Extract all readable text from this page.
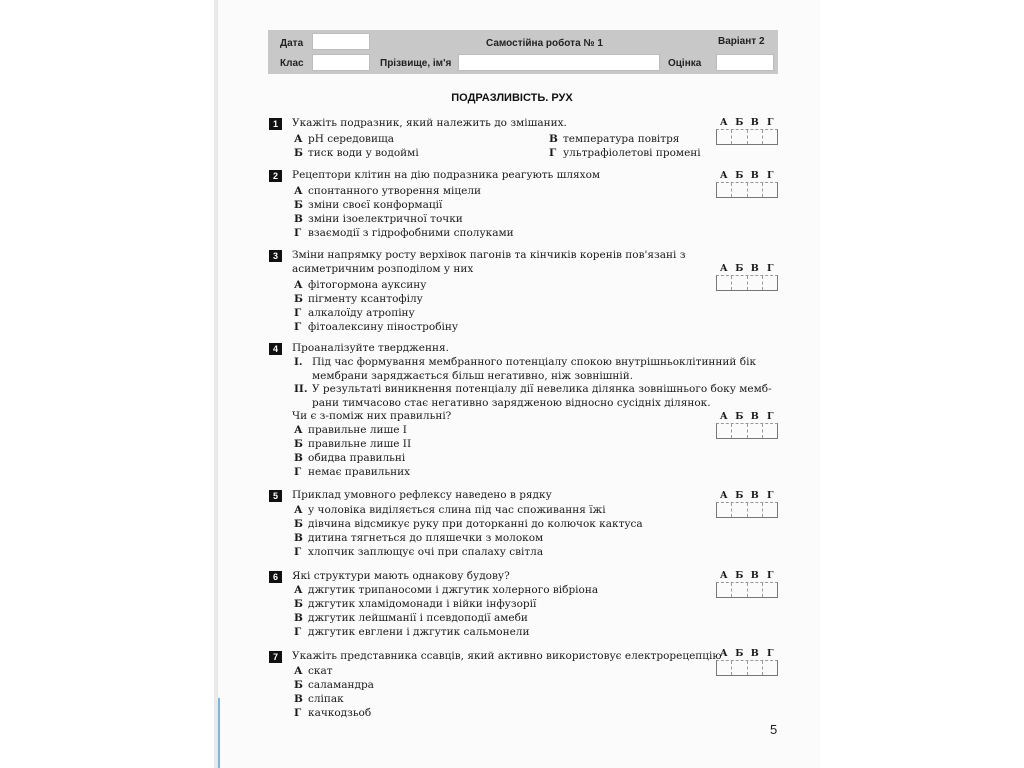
Дата	Самостійна робота № 1	Варіант 2
Клас	Прізвище, ім'я	Оцінка
ПОДРАЗЛИВІСТЬ. РУХ
1	Укажіть подразник, який належить до змішаних.
А рН середовища
Б тиск води у водоймі
В температура повітря
Г ультрафіолетові промені
А Б В Г
2	Рецептори клітин на дію подразника реагують шляхом
А спонтанного утворення міцели
Б зміни своєї конформації
В зміни ізоелектричної точки
Г взаємодії з гідрофобними сполуками
А Б В Г
3	Зміни напрямку росту верхівок пагонів та кінчиків коренів пов'язані з
асиметричним розподілом у них
А фітогормона ауксину
Б пігменту ксантофілу
Г алкалоїду атропіну
Г фітоалексину піностробіну
А Б В Г
4	Проаналізуйте твердження.
I. Під час формування мембранного потенціалу спокою внутрішньоклітинний бік
мембрани заряджається більш негативно, ніж зовнішній.
II. У результаті виникнення потенціалу дії невелика ділянка зовнішнього боку мемб-
рани тимчасово стає негативно зарядженою відносно сусідніх ділянок.
Чи є з-поміж них правильні?
А правильне лише I
Б правильне лише II
В обидва правильні
Г немає правильних
А Б В Г
5	Приклад умовного рефлексу наведено в рядку
А у чоловіка виділяється слина під час споживання їжі
Б дівчина відсмикує руку при доторканні до колючок кактуса
В дитина тягнеться до пляшечки з молоком
Г хлопчик заплющує очі при спалаху світла
А Б В Г
6	Які структури мають однакову будову?
А джгутик трипаносоми і джгутик холерного вібріона
Б джгутик хламідомонади і війки інфузорії
В джгутик лейшманії і псевдоподії амеби
Г джгутик евглени і джгутик сальмонели
А Б В Г
7	Укажіть представника ссавців, який активно використовує електрорецепцію
А скат
Б саламандра
В сліпак
Г качкодзьоб
А Б В Г
5
